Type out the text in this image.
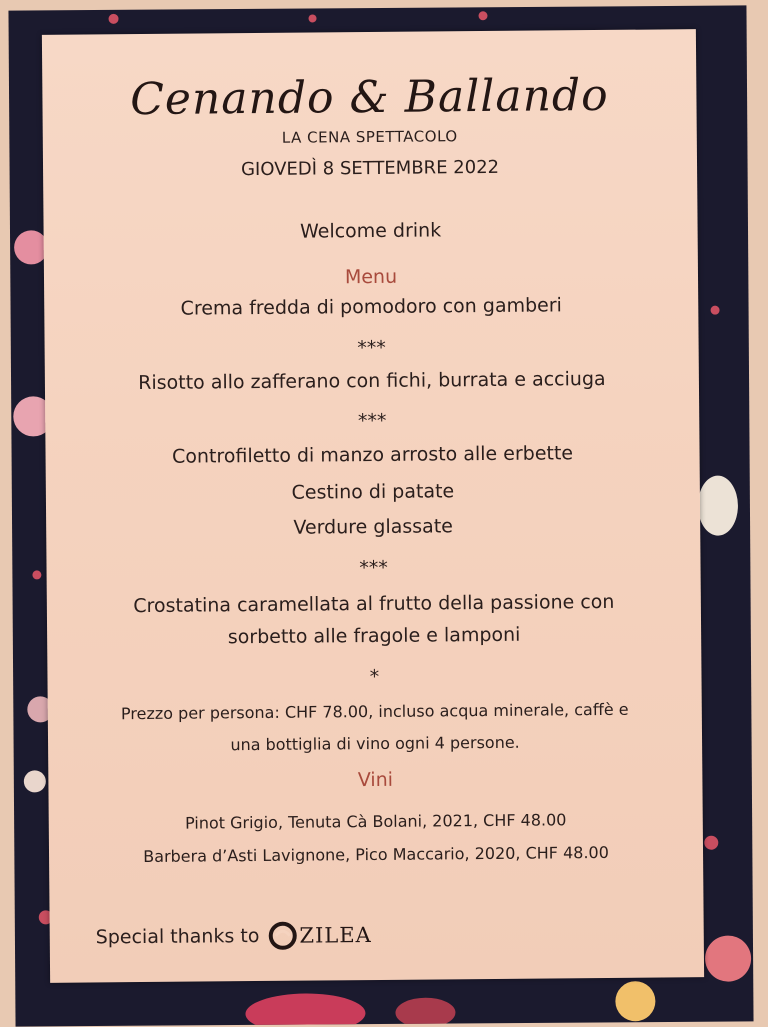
Cenando & Ballando
LA CENA SPETTACOLO
GIOVEDÌ 8 SETTEMBRE 2022
Welcome drink
Menu
Crema fredda di pomodoro con gamberi
***
Risotto allo zafferano con fichi, burrata e acciuga
***
Controfiletto di manzo arrosto alle erbette
Cestino di patate
Verdure glassate
***
Crostatina caramellata al frutto della passione con
sorbetto alle fragole e lamponi
*
Prezzo per persona: CHF 78.00, incluso acqua minerale, caffè e
una bottiglia di vino ogni 4 persone.
Vini
Pinot Grigio, Tenuta Cà Bolani, 2021, CHF 48.00
Barbera d’Asti Lavignone, Pico Maccario, 2020, CHF 48.00
Special thanks to ZILEA
